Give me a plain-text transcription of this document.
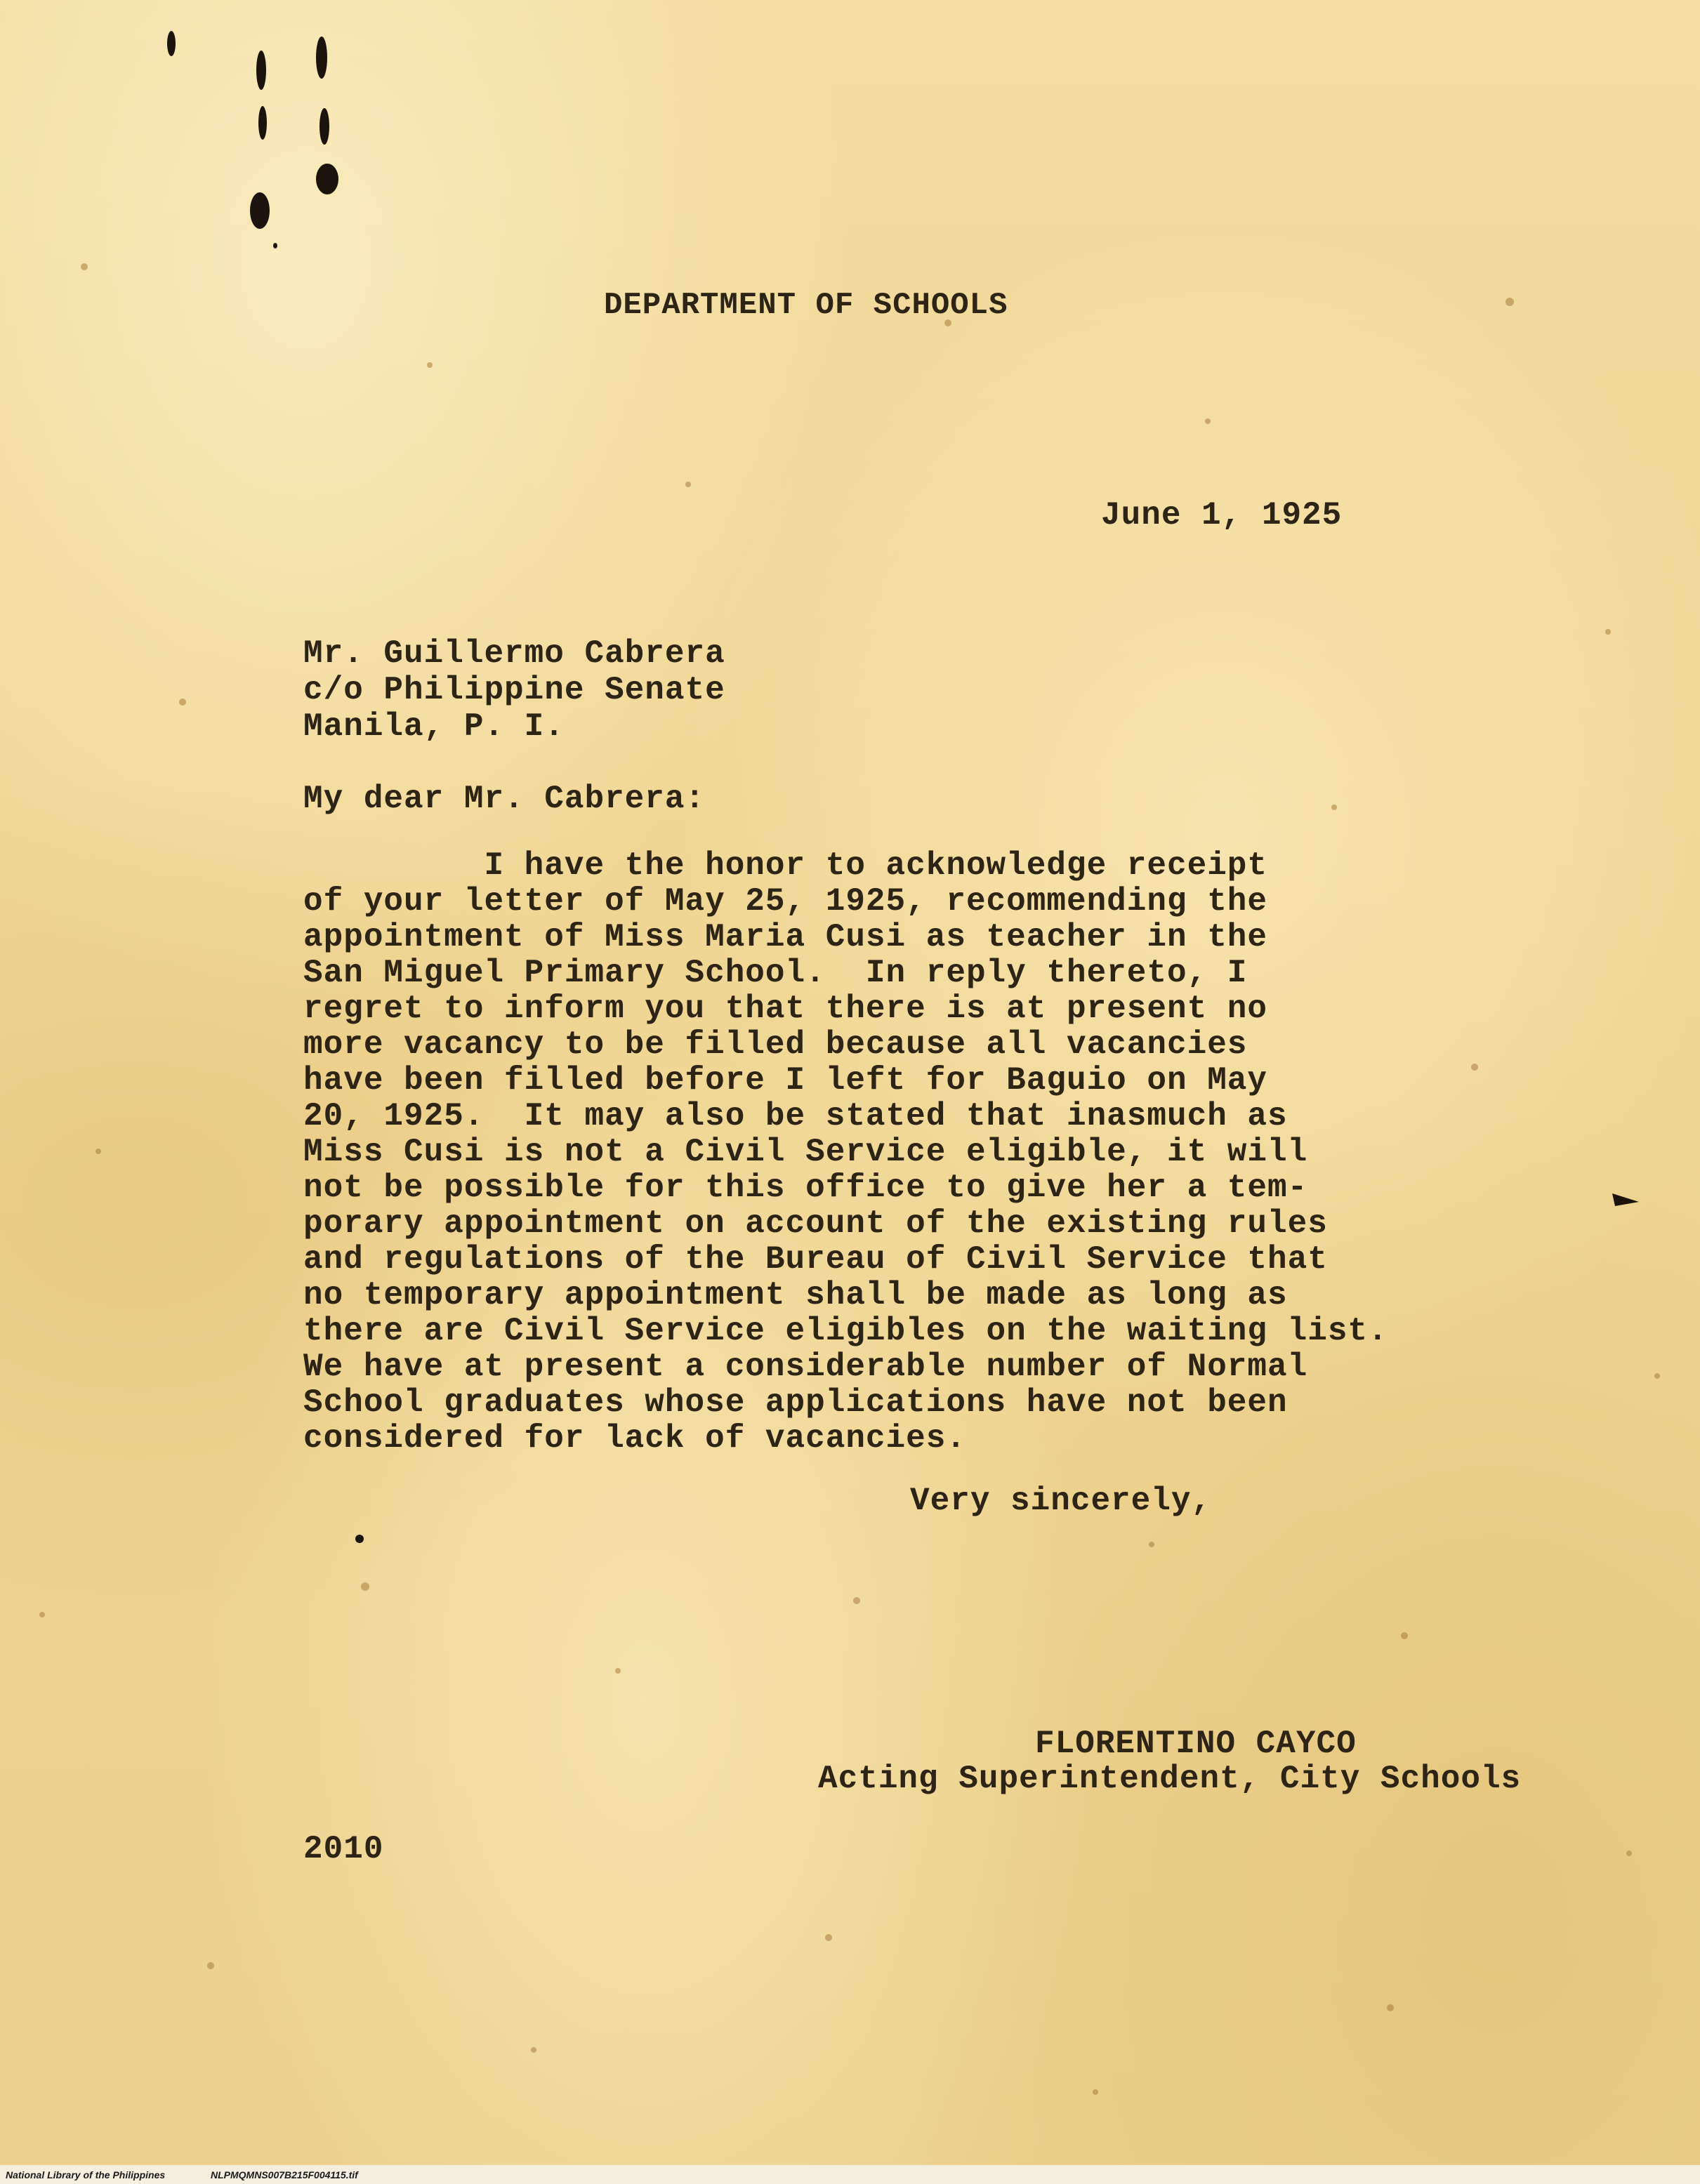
DEPARTMENT OF SCHOOLS
June 1, 1925
Mr. Guillermo Cabrera
c/o Philippine Senate
Manila, P. I.
My dear Mr. Cabrera:
I have the honor to acknowledge receipt
of your letter of May 25, 1925, recommending the
appointment of Miss Maria Cusi as teacher in the
San Miguel Primary School.  In reply thereto, I
regret to inform you that there is at present no
more vacancy to be filled because all vacancies
have been filled before I left for Baguio on May
20, 1925.  It may also be stated that inasmuch as
Miss Cusi is not a Civil Service eligible, it will
not be possible for this office to give her a tem-
porary appointment on account of the existing rules
and regulations of the Bureau of Civil Service that
no temporary appointment shall be made as long as
there are Civil Service eligibles on the waiting list.
We have at present a considerable number of Normal
School graduates whose applications have not been
considered for lack of vacancies.
Very sincerely,
FLORENTINO CAYCO
Acting Superintendent, City Schools
2010
National Library of the Philippines	NLPMQMNS007B215F004115.tif
